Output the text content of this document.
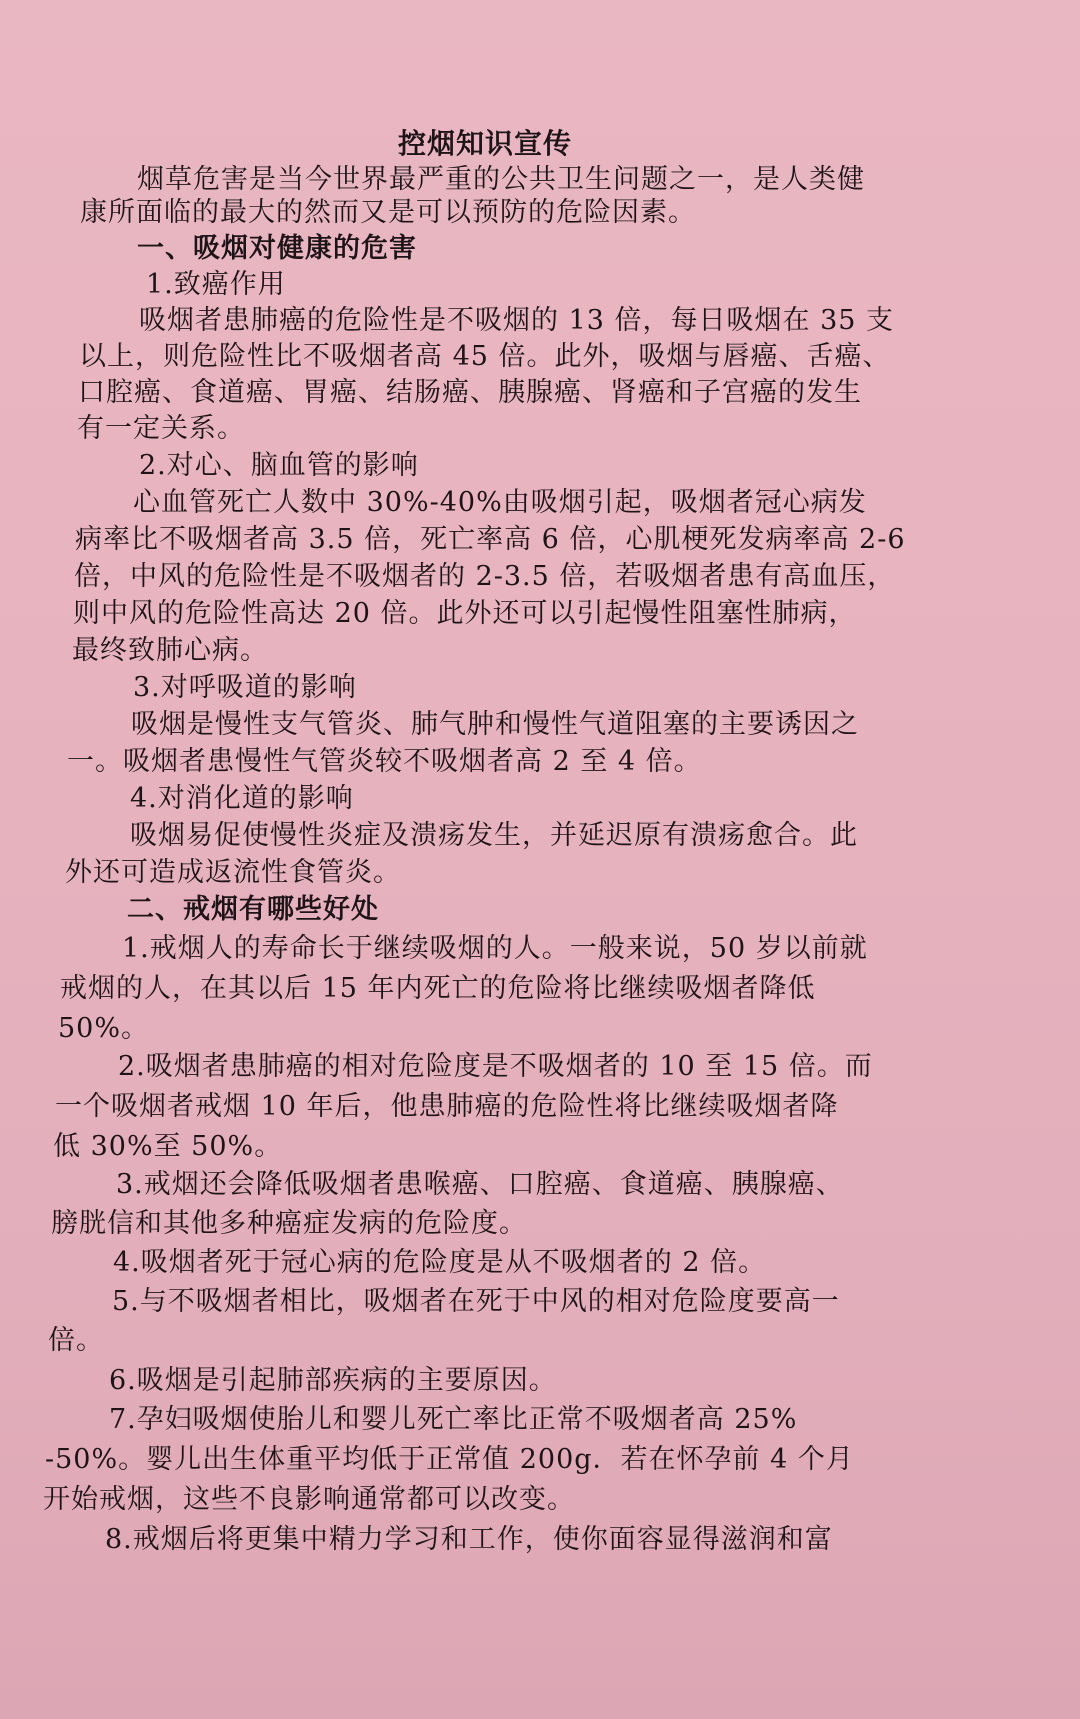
控烟知识宣传
烟草危害是当今世界最严重的公共卫生问题之一，是人类健
康所面临的最大的然而又是可以预防的危险因素。
一、吸烟对健康的危害
1.致癌作用
吸烟者患肺癌的危险性是不吸烟的 13 倍，每日吸烟在 35 支
以上，则危险性比不吸烟者高 45 倍。此外，吸烟与唇癌、舌癌、
口腔癌、食道癌、胃癌、结肠癌、胰腺癌、肾癌和子宫癌的发生
有一定关系。
2.对心、脑血管的影响
心血管死亡人数中 30%-40%由吸烟引起，吸烟者冠心病发
病率比不吸烟者高 3.5 倍，死亡率高 6 倍，心肌梗死发病率高 2-6
倍，中风的危险性是不吸烟者的 2-3.5 倍，若吸烟者患有高血压，
则中风的危险性高达 20 倍。此外还可以引起慢性阻塞性肺病，
最终致肺心病。
3.对呼吸道的影响
吸烟是慢性支气管炎、肺气肿和慢性气道阻塞的主要诱因之
一。吸烟者患慢性气管炎较不吸烟者高 2 至 4 倍。
4.对消化道的影响
吸烟易促使慢性炎症及溃疡发生，并延迟原有溃疡愈合。此
外还可造成返流性食管炎。
二、戒烟有哪些好处
1.戒烟人的寿命长于继续吸烟的人。一般来说，50 岁以前就
戒烟的人，在其以后 15 年内死亡的危险将比继续吸烟者降低
50%。
2.吸烟者患肺癌的相对危险度是不吸烟者的 10 至 15 倍。而
一个吸烟者戒烟 10 年后，他患肺癌的危险性将比继续吸烟者降
低 30%至 50%。
3.戒烟还会降低吸烟者患喉癌、口腔癌、食道癌、胰腺癌、
膀胱信和其他多种癌症发病的危险度。
4.吸烟者死于冠心病的危险度是从不吸烟者的 2 倍。
5.与不吸烟者相比，吸烟者在死于中风的相对危险度要高一
倍。
6.吸烟是引起肺部疾病的主要原因。
7.孕妇吸烟使胎儿和婴儿死亡率比正常不吸烟者高 25%
-50%。婴儿出生体重平均低于正常值 200g．若在怀孕前 4 个月
开始戒烟，这些不良影响通常都可以改变。
8.戒烟后将更集中精力学习和工作，使你面容显得滋润和富
